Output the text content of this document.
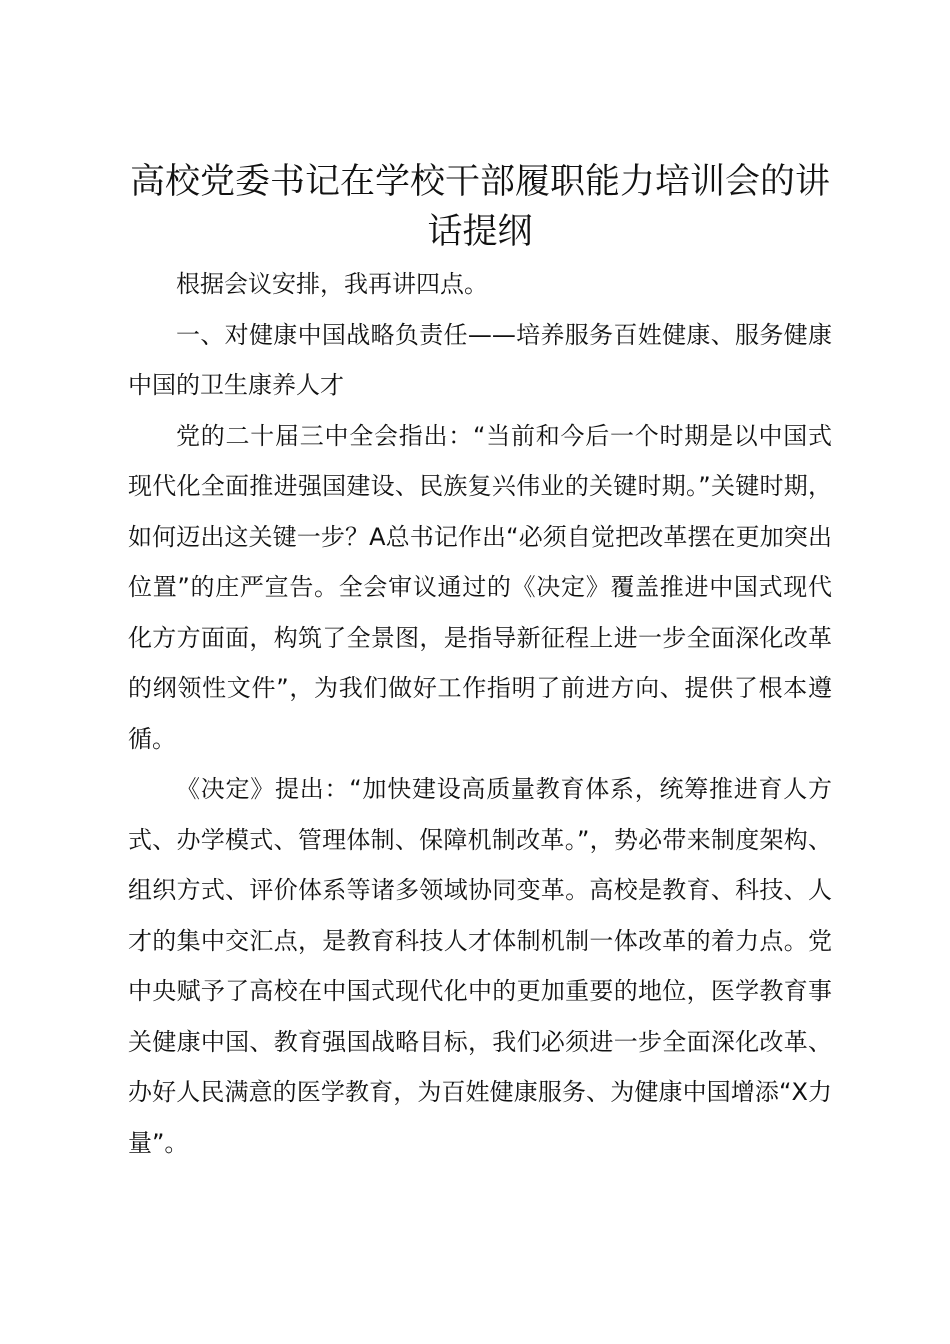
高校党委书记在学校干部履职能力培训会的讲话提纲

根据会议安排，我再讲四点。

一、对健康中国战略负责任——培养服务百姓健康、服务健康中国的卫生康养人才

党的二十届三中全会指出：“当前和今后一个时期是以中国式现代化全面推进强国建设、民族复兴伟业的关键时期。”关键时期，如何迈出这关键一步？A总书记作出“必须自觉把改革摆在更加突出位置”的庄严宣告。全会审议通过的《决定》覆盖推进中国式现代化方方面面，构筑了全景图，是指导新征程上进一步全面深化改革的纲领性文件”，为我们做好工作指明了前进方向、提供了根本遵循。

《决定》提出：“加快建设高质量教育体系，统筹推进育人方式、办学模式、管理体制、保障机制改革。”，势必带来制度架构、组织方式、评价体系等诸多领域协同变革。高校是教育、科技、人才的集中交汇点，是教育科技人才体制机制一体改革的着力点。党中央赋予了高校在中国式现代化中的更加重要的地位，医学教育事关健康中国、教育强国战略目标，我们必须进一步全面深化改革、办好人民满意的医学教育，为百姓健康服务、为健康中国增添“X力量”。
